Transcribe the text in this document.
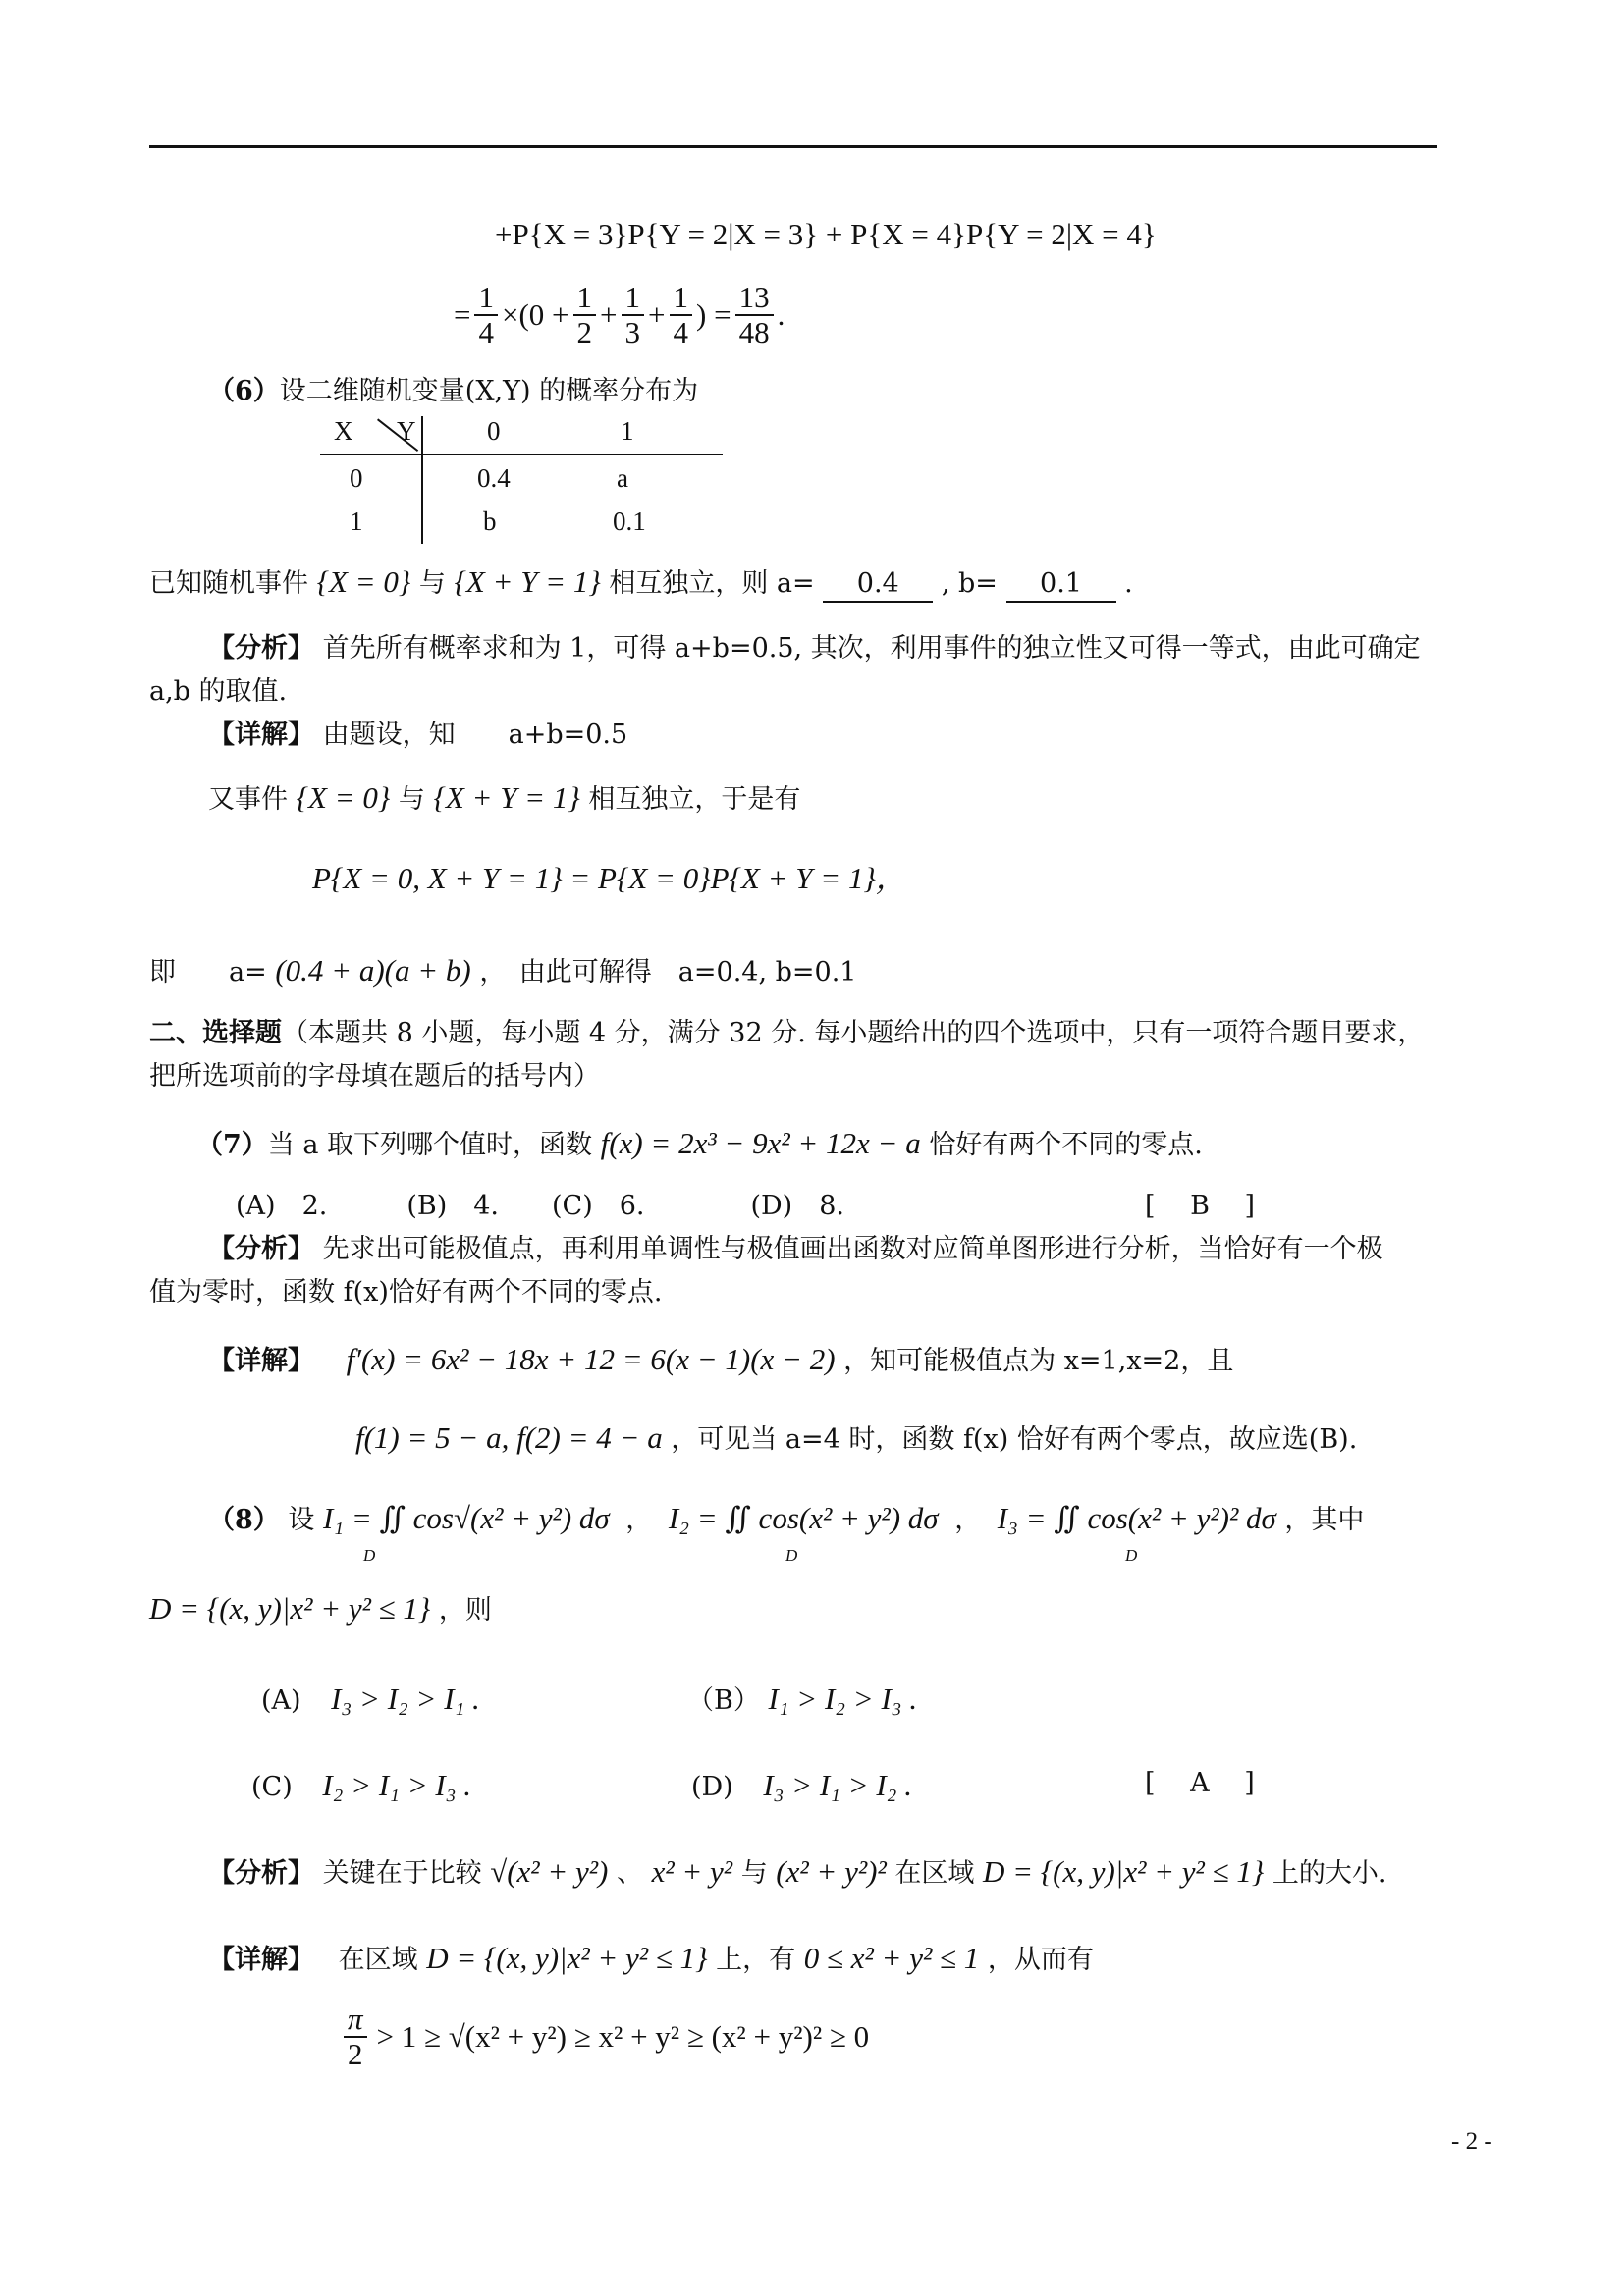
+P{X = 3}P{Y = 2|X = 3} + P{X = 4}P{Y = 2|X = 4}
= $\frac{1}{4} \times(0 + \frac{1}{2} + \frac{1}{3} + \frac{1}{4}$ ) = $\frac{13}{48}$ .
（6）设二维随机变量(X,Y) 的概率分布为
X Y	0	1
0	0.4	a
1	b	0.1
已知随机事件 {X = 0} 与 {X + Y = 1} 相互独立，则 a= 0.4 , b= 0.1 .
【分析】 首先所有概率求和为 1，可得 a+b=0.5, 其次，利用事件的独立性又可得一等式，由此可确定
a,b 的取值.
【详解】 由题设，知　　a+b=0.5
又事件 {X = 0} 与 {X + Y = 1} 相互独立，于是有
P{X = 0, X + Y = 1} = P{X = 0}P{X + Y = 1}，
即　　a= (0.4 + a)(a + b) ，　由此可解得　a=0.4, b=0.1
二、选择题（本题共 8 小题，每小题 4 分，满分 32 分. 每小题给出的四个选项中，只有一项符合题目要求，
把所选项前的字母填在题后的括号内）
（7）当 a 取下列哪个值时，函数 f(x) = 2x³ − 9x² + 12x − a 恰好有两个不同的零点.
(A)　2.　　　(B)　4.　　(C)　6.　　　　(D)　8.	[　 B　 ]
【分析】 先求出可能极值点，再利用单调性与极值画出函数对应简单图形进行分析，当恰好有一个极
值为零时，函数 f(x)恰好有两个不同的零点.
【详解】 f′(x) = 6x² − 18x + 12 = 6(x − 1)(x − 2) ，知可能极值点为 x=1,x=2，且
f(1) = 5 − a, f(2) = 4 − a ，可见当 a=4 时，函数 f(x) 恰好有两个零点，故应选(B).
（8） 设 I₁ = ∬ cos√(x² + y²) dσ ， I₂ = ∬ cos(x² + y²) dσ ， I₃ = ∬ cos(x² + y²)² dσ ，其中
D	D	D
D = {(x, y)|x² + y² ≤ 1} ，则
(A) I₃ > I₂ > I₁ .	（B） I₁ > I₂ > I₃ .
(C) I₂ > I₁ > I₃ .	(D) I₃ > I₁ > I₂ .	[　 A　 ]
【分析】 关键在于比较 √(x² + y²) 、 x² + y² 与 (x² + y²)² 在区域 D = {(x, y)|x² + y² ≤ 1} 上的大小.
【详解】 在区域 D = {(x, y)|x² + y² ≤ 1} 上，有 0 ≤ x² + y² ≤ 1 ，从而有
$\frac{\pi}{2} > 1 \ge √(x^2 + y^2) \ge x^2 + y^2 \ge (x^2 + y^2)^2 \ge 0$
- 2 -
